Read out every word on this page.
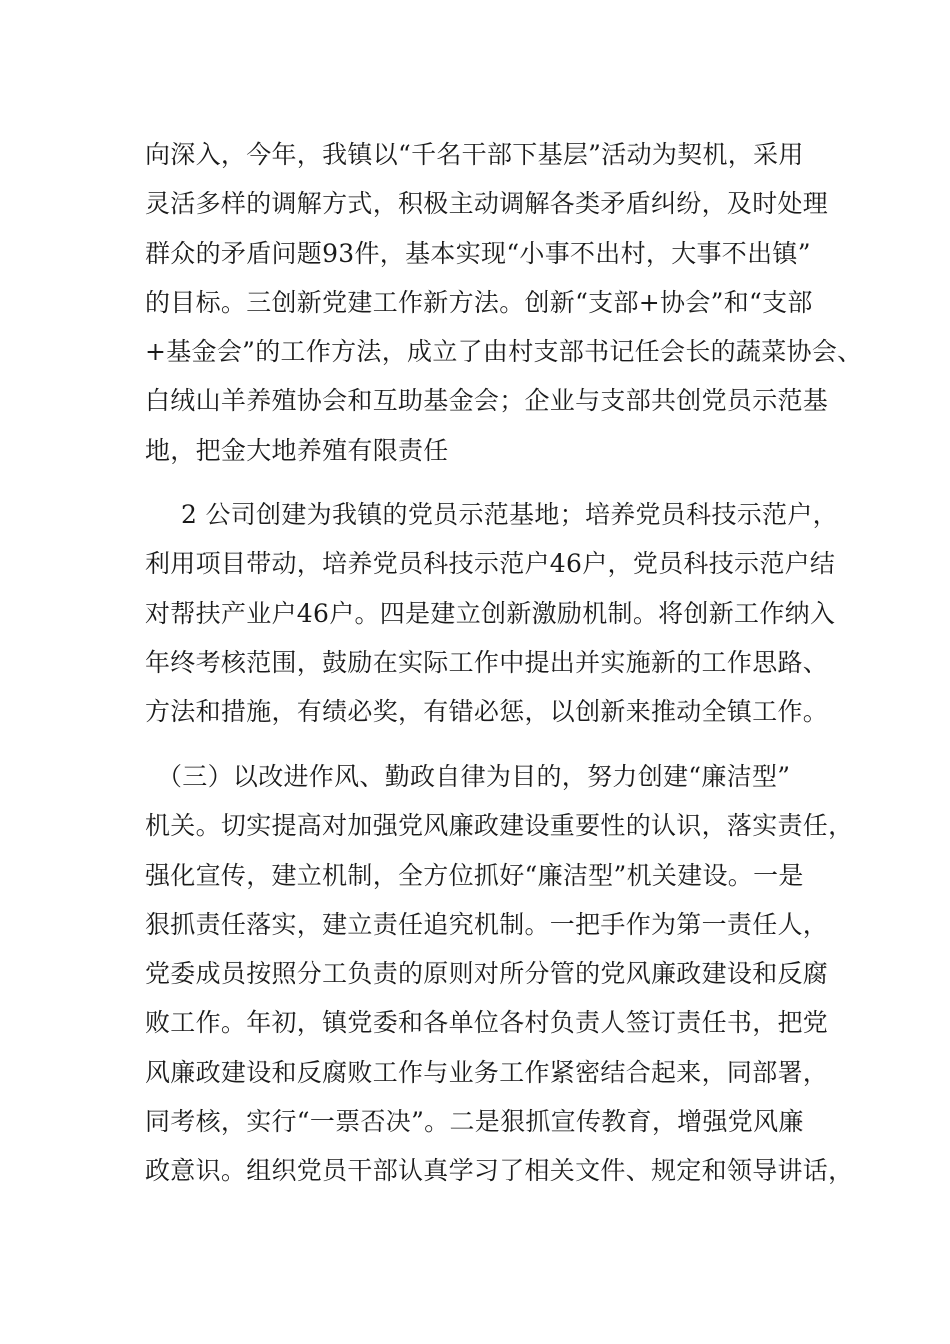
向深入，今年，我镇以“千名干部下基层”活动为契机，采用
灵活多样的调解方式，积极主动调解各类矛盾纠纷，及时处理
群众的矛盾问题93件，基本实现“小事不出村，大事不出镇”
的目标。三创新党建工作新方法。创新“支部+协会”和“支部
+基金会”的工作方法，成立了由村支部书记任会长的蔬菜协会、
白绒山羊养殖协会和互助基金会；企业与支部共创党员示范基
地，把金大地养殖有限责任

2 公司创建为我镇的党员示范基地；培养党员科技示范户，
利用项目带动，培养党员科技示范户46户，党员科技示范户结
对帮扶产业户46户。四是建立创新激励机制。将创新工作纳入
年终考核范围，鼓励在实际工作中提出并实施新的工作思路、
方法和措施，有绩必奖，有错必惩，以创新来推动全镇工作。

（三）以改进作风、勤政自律为目的，努力创建“廉洁型”
机关。切实提高对加强党风廉政建设重要性的认识，落实责任，
强化宣传，建立机制，全方位抓好“廉洁型”机关建设。一是
狠抓责任落实，建立责任追究机制。一把手作为第一责任人，
党委成员按照分工负责的原则对所分管的党风廉政建设和反腐
败工作。年初，镇党委和各单位各村负责人签订责任书，把党
风廉政建设和反腐败工作与业务工作紧密结合起来，同部署，
同考核，实行“一票否决”。二是狠抓宣传教育，增强党风廉
政意识。组织党员干部认真学习了相关文件、规定和领导讲话，
